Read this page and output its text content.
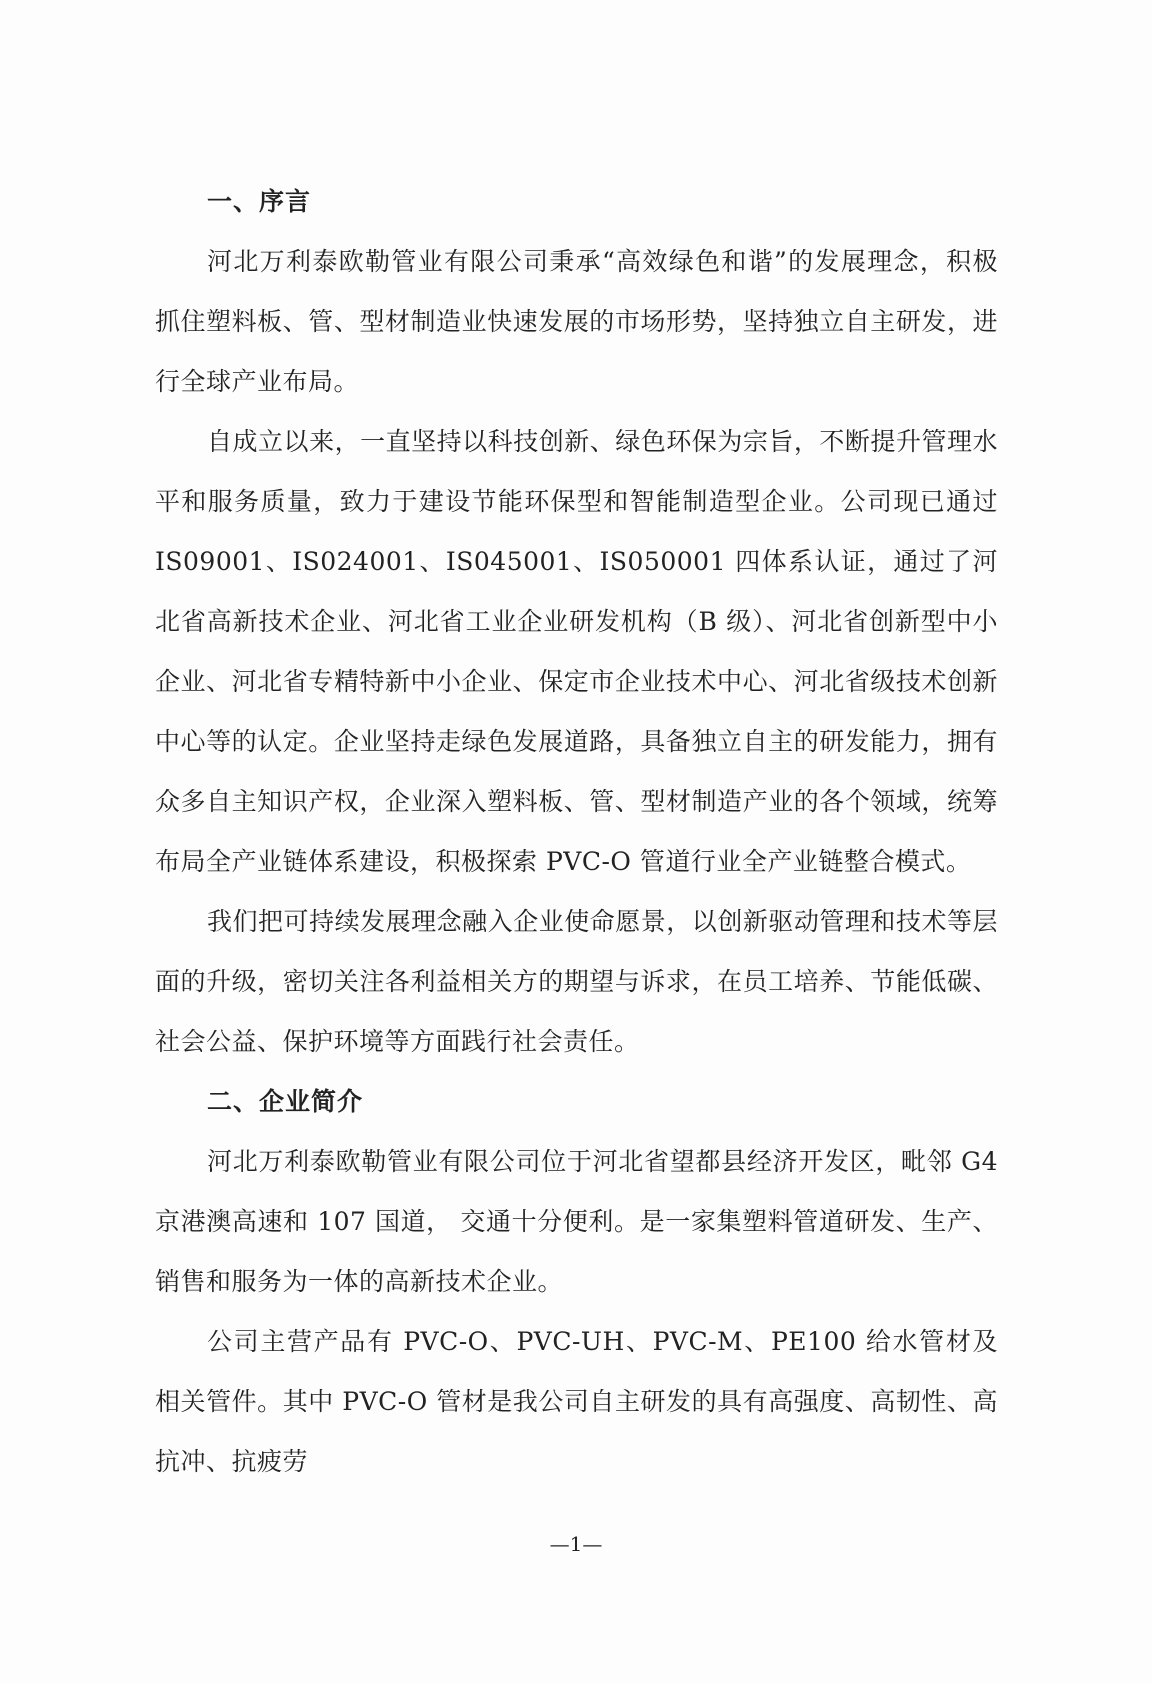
一、序言

河北万利泰欧勒管业有限公司秉承“高效绿色和谐”的发展理念，积极抓住塑料板、管、型材制造业快速发展的市场形势，坚持独立自主研发，进行全球产业布局。

自成立以来，一直坚持以科技创新、绿色环保为宗旨，不断提升管理水平和服务质量，致力于建设节能环保型和智能制造型企业。公司现已通过 IS09001、IS024001、IS045001、IS050001 四体系认证，通过了河北省高新技术企业、河北省工业企业研发机构（B 级）、河北省创新型中小企业、河北省专精特新中小企业、保定市企业技术中心、河北省级技术创新中心等的认定。企业坚持走绿色发展道路，具备独立自主的研发能力，拥有众多自主知识产权，企业深入塑料板、管、型材制造产业的各个领域，统筹布局全产业链体系建设，积极探索 PVC-O 管道行业全产业链整合模式。

我们把可持续发展理念融入企业使命愿景，以创新驱动管理和技术等层面的升级，密切关注各利益相关方的期望与诉求，在员工培养、节能低碳、社会公益、保护环境等方面践行社会责任。

二、企业简介

河北万利泰欧勒管业有限公司位于河北省望都县经济开发区，毗邻 G4 京港澳高速和 107 国道， 交通十分便利。是一家集塑料管道研发、生产、销售和服务为一体的高新技术企业。

公司主营产品有 PVC-O、PVC-UH、PVC-M、PE100 给水管材及相关管件。其中 PVC-O 管材是我公司自主研发的具有高强度、高韧性、高抗冲、抗疲劳

—1—
